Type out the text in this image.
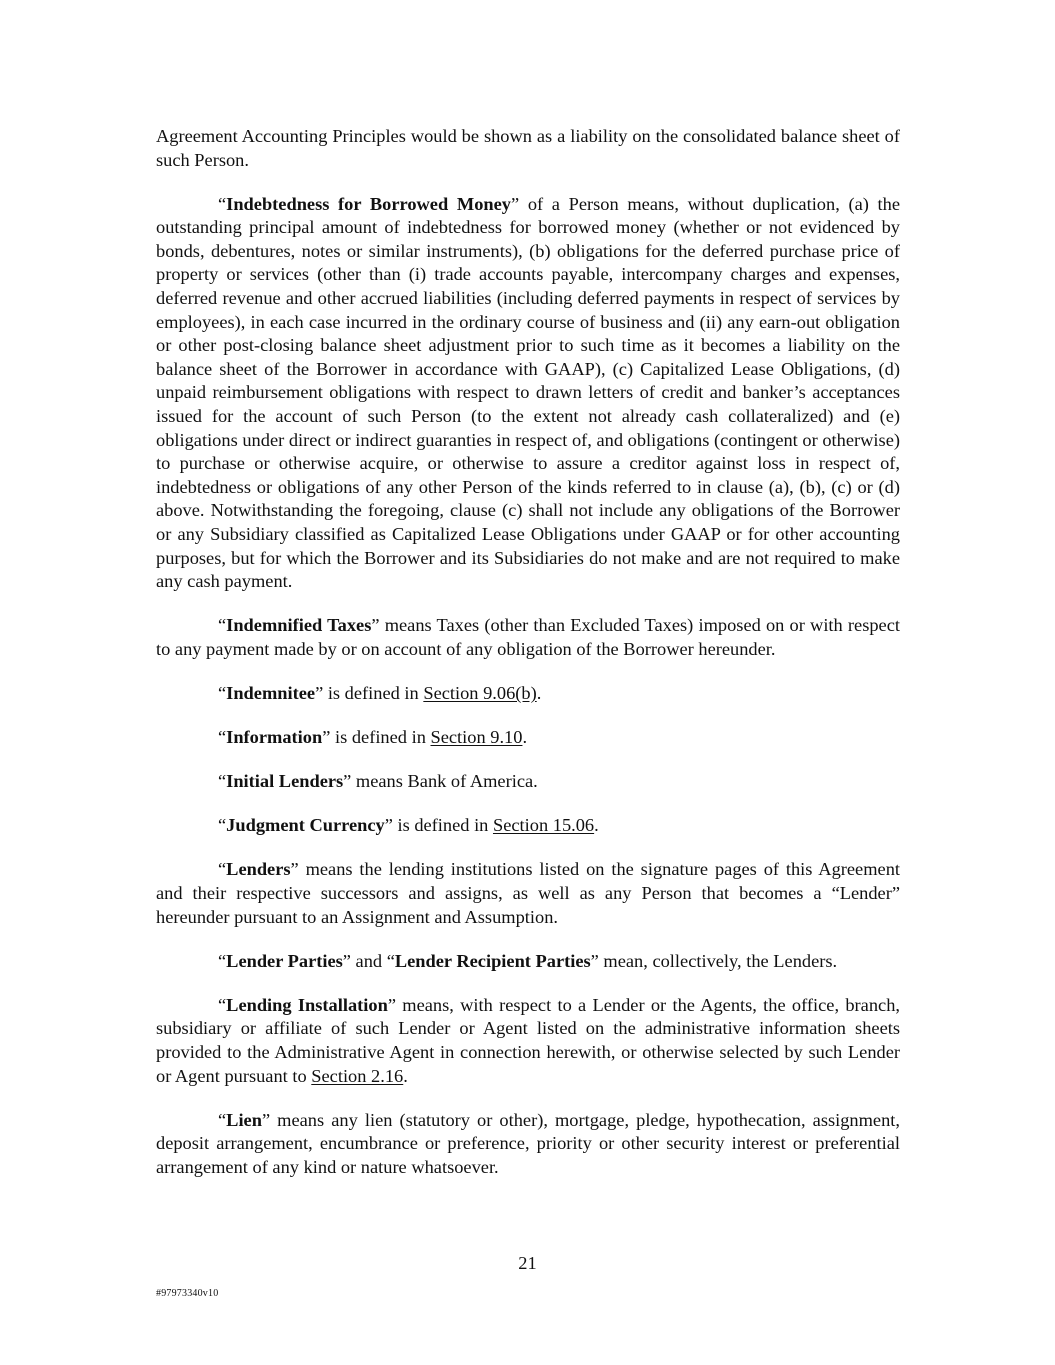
Agreement Accounting Principles would be shown as a liability on the consolidated balance sheet of such Person.

“Indebtedness for Borrowed Money” of a Person means, without duplication, (a) the outstanding principal amount of indebtedness for borrowed money (whether or not evidenced by bonds, debentures, notes or similar instruments), (b) obligations for the deferred purchase price of property or services (other than (i) trade accounts payable, intercompany charges and expenses, deferred revenue and other accrued liabilities (including deferred payments in respect of services by employees), in each case incurred in the ordinary course of business and (ii) any earn-out obligation or other post-closing balance sheet adjustment prior to such time as it becomes a liability on the balance sheet of the Borrower in accordance with GAAP), (c) Capitalized Lease Obligations, (d) unpaid reimbursement obligations with respect to drawn letters of credit and banker’s acceptances issued for the account of such Person (to the extent not already cash collateralized) and (e) obligations under direct or indirect guaranties in respect of, and obligations (contingent or otherwise) to purchase or otherwise acquire, or otherwise to assure a creditor against loss in respect of, indebtedness or obligations of any other Person of the kinds referred to in clause (a), (b), (c) or (d) above. Notwithstanding the foregoing, clause (c) shall not include any obligations of the Borrower or any Subsidiary classified as Capitalized Lease Obligations under GAAP or for other accounting purposes, but for which the Borrower and its Subsidiaries do not make and are not required to make any cash payment.

“Indemnified Taxes” means Taxes (other than Excluded Taxes) imposed on or with respect to any payment made by or on account of any obligation of the Borrower hereunder.

“Indemnitee” is defined in Section 9.06(b).

“Information” is defined in Section 9.10.

“Initial Lenders” means Bank of America.

“Judgment Currency” is defined in Section 15.06.

“Lenders” means the lending institutions listed on the signature pages of this Agreement and their respective successors and assigns, as well as any Person that becomes a “Lender” hereunder pursuant to an Assignment and Assumption.

“Lender Parties” and “Lender Recipient Parties” mean, collectively, the Lenders.

“Lending Installation” means, with respect to a Lender or the Agents, the office, branch, subsidiary or affiliate of such Lender or Agent listed on the administrative information sheets provided to the Administrative Agent in connection herewith, or otherwise selected by such Lender or Agent pursuant to Section 2.16.

“Lien” means any lien (statutory or other), mortgage, pledge, hypothecation, assignment, deposit arrangement, encumbrance or preference, priority or other security interest or preferential arrangement of any kind or nature whatsoever.

21
#97973340v10
